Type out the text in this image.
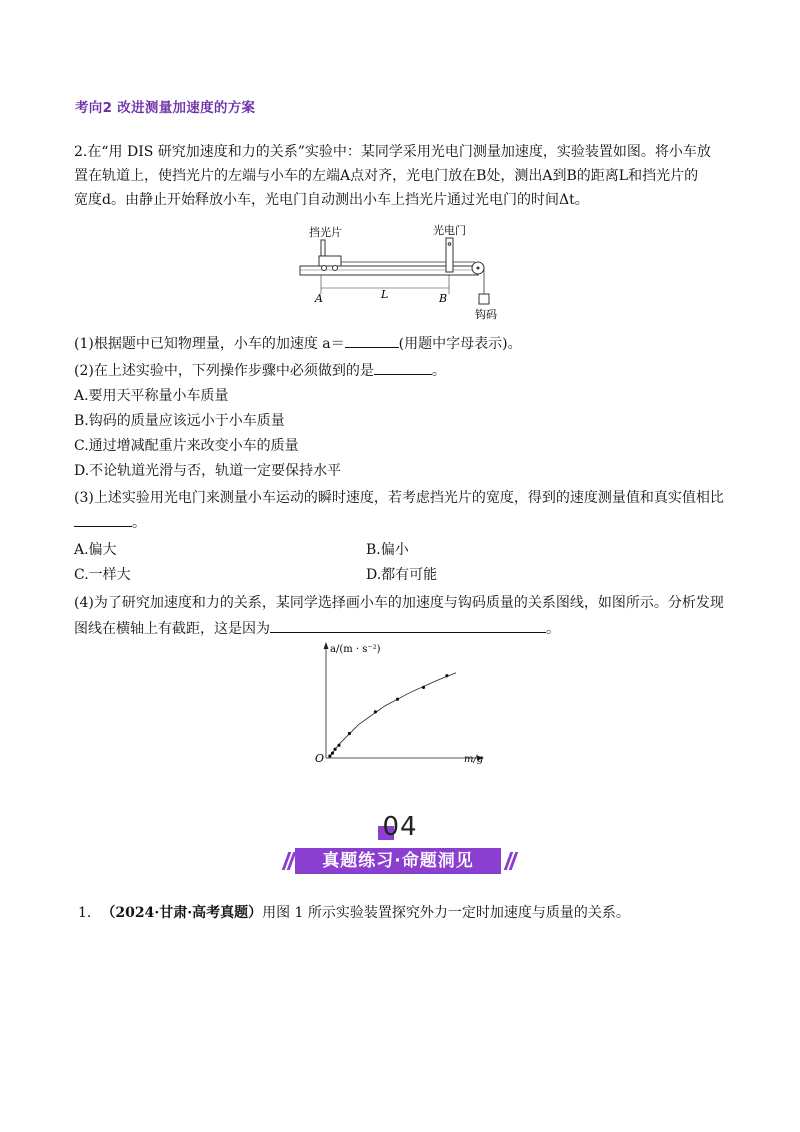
考向2 改进测量加速度的方案
2.在“用 DIS 研究加速度和力的关系”实验中：某同学采用光电门测量加速度，实验装置如图。将小车放
置在轨道上，使挡光片的左端与小车的左端A点对齐，光电门放在B处，测出A到B的距离L和挡光片的
宽度d。由静止开始释放小车，光电门自动测出小车上挡光片通过光电门的时间Δt。
挡光片	光电门
钩码
A	L	B
(1)根据题中已知物理量，小车的加速度 a＝	(用题中字母表示)。
(2)在上述实验中，下列操作步骤中必须做到的是	。
A.要用天平称量小车质量
B.钩码的质量应该远小于小车质量
C.通过增减配重片来改变小车的质量
D.不论轨道光滑与否，轨道一定要保持水平
(3)上述实验用光电门来测量小车运动的瞬时速度，若考虑挡光片的宽度，得到的速度测量值和真实值相比
。
A.偏大	B.偏小
C.一样大	D.都有可能
(4)为了研究加速度和力的关系，某同学选择画小车的加速度与钩码质量的关系图线，如图所示。分析发现
图线在横轴上有截距，这是因为	。
a/(m · s⁻²)
m/g
O
04
真题练习·命题洞见
1. （2024·甘肃·高考真题）用图 1 所示实验装置探究外力一定时加速度与质量的关系。
